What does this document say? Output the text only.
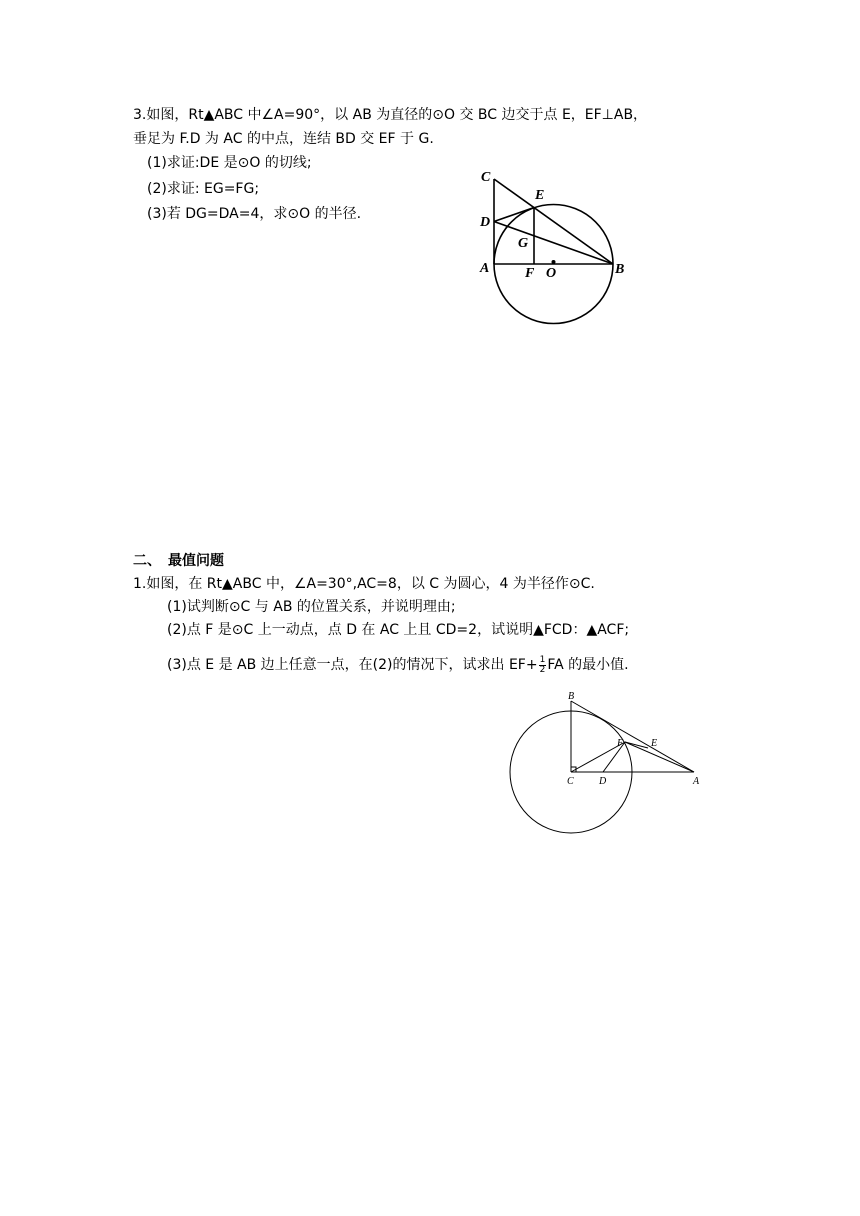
3.如图，Rt▲ABC 中∠A=90°，以 AB 为直径的⊙O 交 BC 边交于点 E，EF⊥AB，
垂足为 F.D 为 AC 的中点，连结 BD 交 EF 于 G.
(1)求证:DE 是⊙O 的切线;
(2)求证: EG=FG;
(3)若 DG=DA=4，求⊙O 的半径.
C
E
D
G
A	F O	B
二、　最值问题
1.如图，在 Rt▲ABC 中，∠A=30°,AC=8，以 C 为圆心，4 为半径作⊙C.
(1)试判断⊙C 与 AB 的位置关系，并说明理由;
(2)点 F 是⊙C 上一动点，点 D 在 AC 上且 CD=2，试说明▲FCD：▲ACF;
(3)点 E 是 AB 边上任意一点，在(2)的情况下，试求出 $EF+ \frac{1}{2}$ FA 的最小值.
B
F	E
C	D	A
